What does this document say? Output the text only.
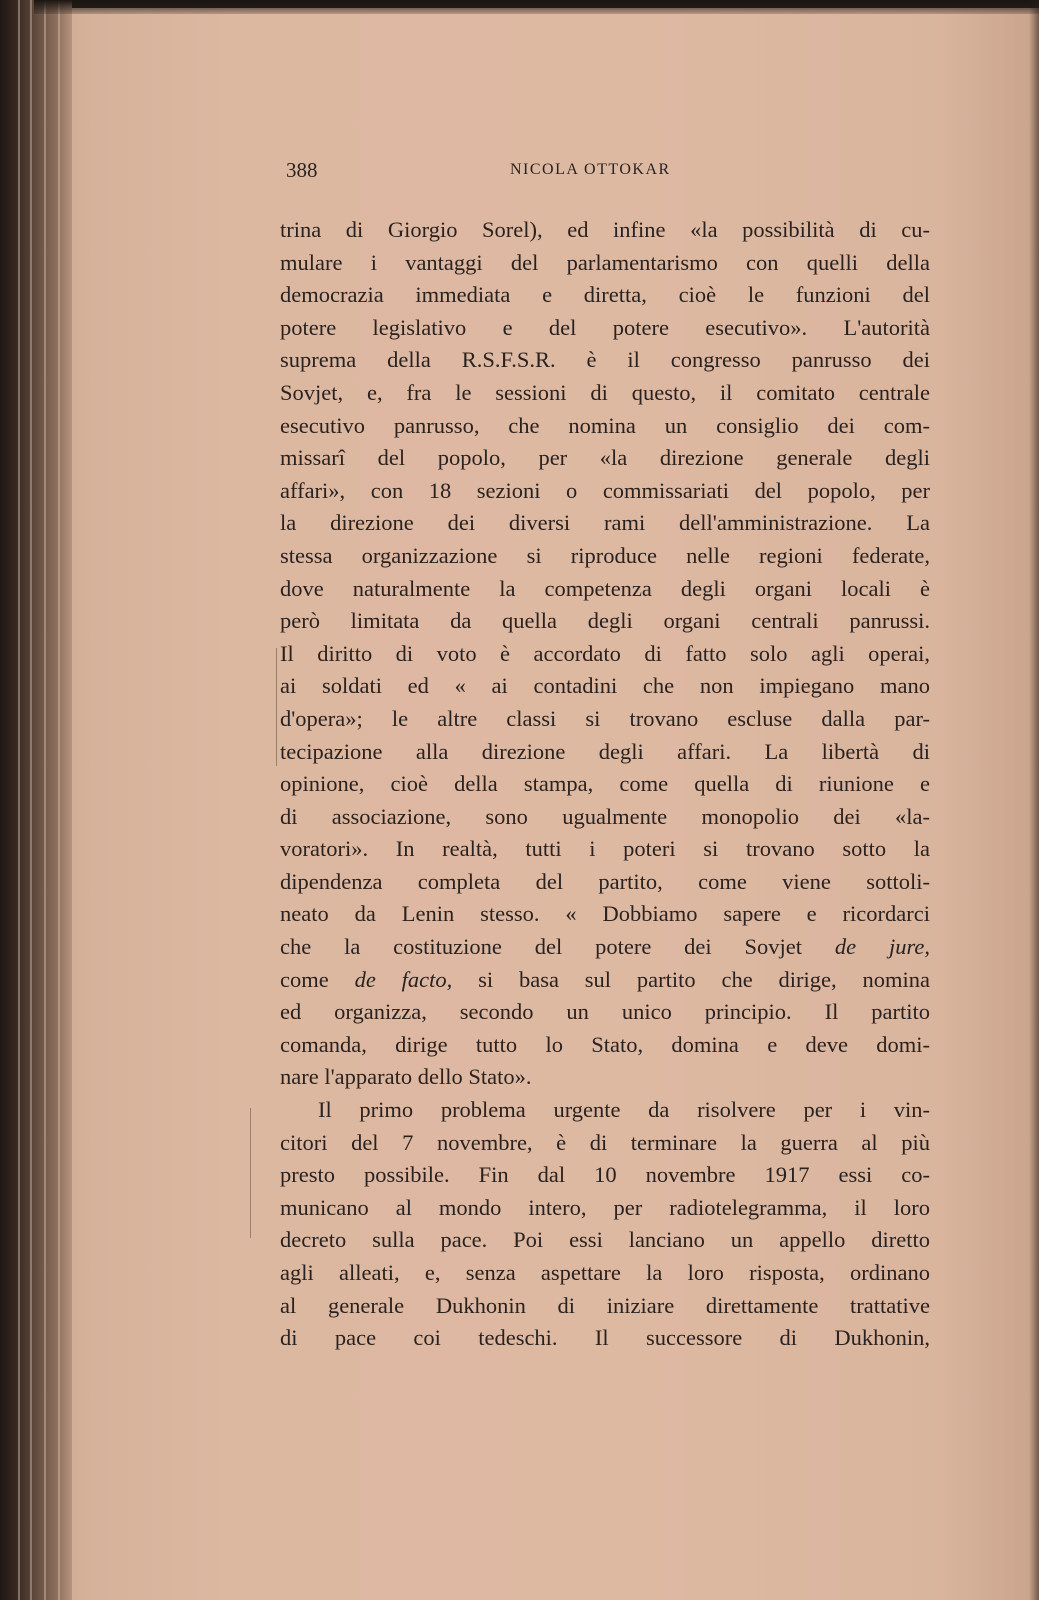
388	NICOLA OTTOKAR
trina di Giorgio Sorel), ed infine «la possibilità di cu-
mulare i vantaggi del parlamentarismo con quelli della
democrazia immediata e diretta, cioè le funzioni del
potere legislativo e del potere esecutivo». L'autorità
suprema della R.S.F.S.R. è il congresso panrusso dei
Sovjet, e, fra le sessioni di questo, il comitato centrale
esecutivo panrusso, che nomina un consiglio dei com-
missarî del popolo, per «la direzione generale degli
affari», con 18 sezioni o commissariati del popolo, per
la direzione dei diversi rami dell'amministrazione. La
stessa organizzazione si riproduce nelle regioni federate,
dove naturalmente la competenza degli organi locali è
però limitata da quella degli organi centrali panrussi.
Il diritto di voto è accordato di fatto solo agli operai,
ai soldati ed « ai contadini che non impiegano mano
d'opera»; le altre classi si trovano escluse dalla par-
tecipazione alla direzione degli affari. La libertà di
opinione, cioè della stampa, come quella di riunione e
di associazione, sono ugualmente monopolio dei «la-
voratori». In realtà, tutti i poteri si trovano sotto la
dipendenza completa del partito, come viene sottoli-
neato da Lenin stesso. « Dobbiamo sapere e ricordarci
che la costituzione del potere dei Sovjet de jure,
come de facto, si basa sul partito che dirige, nomina
ed organizza, secondo un unico principio. Il partito
comanda, dirige tutto lo Stato, domina e deve domi-
nare l'apparato dello Stato».
Il primo problema urgente da risolvere per i vin-
citori del 7 novembre, è di terminare la guerra al più
presto possibile. Fin dal 10 novembre 1917 essi co-
municano al mondo intero, per radiotelegramma, il loro
decreto sulla pace. Poi essi lanciano un appello diretto
agli alleati, e, senza aspettare la loro risposta, ordinano
al generale Dukhonin di iniziare direttamente trattative
di pace coi tedeschi. Il successore di Dukhonin,
